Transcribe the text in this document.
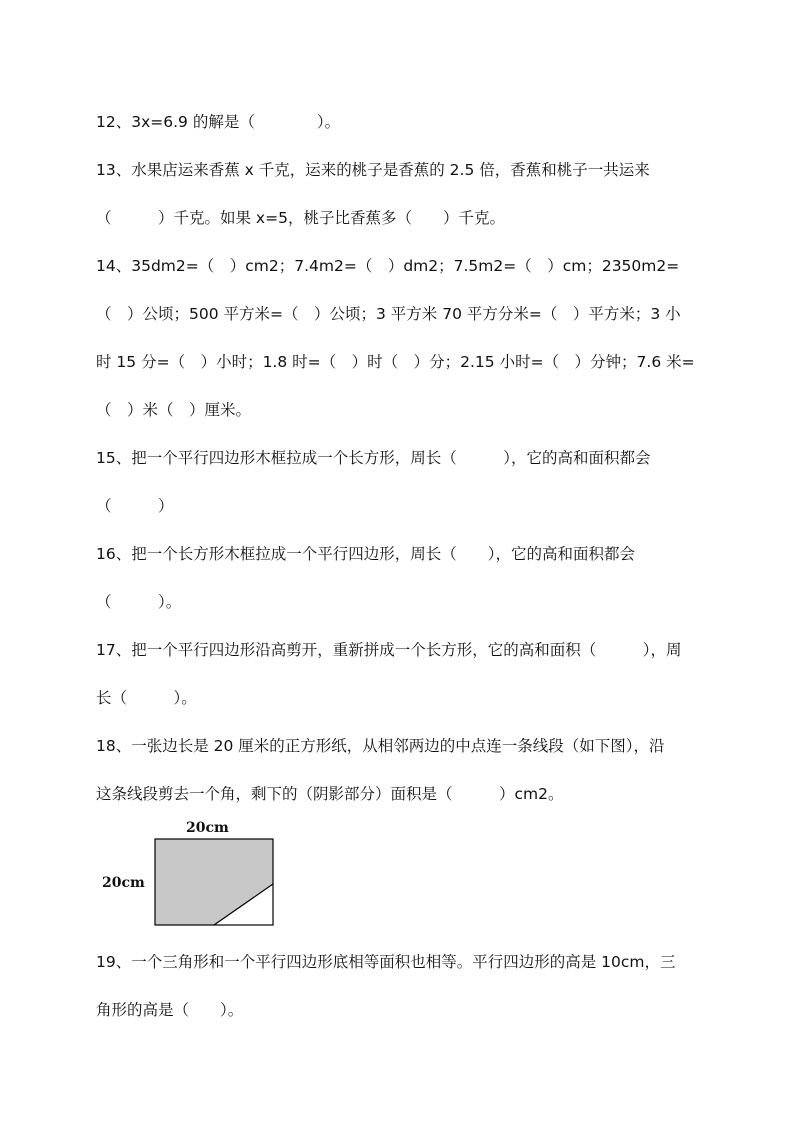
12、3x=6.9 的解是（　　　　）。
13、水果店运来香蕉 x 千克，运来的桃子是香蕉的 2.5 倍，香蕉和桃子一共运来
（　　　）千克。如果 x=5，桃子比香蕉多（　　）千克。
14、35dm2=（　）cm2；7.4m2=（　）dm2；7.5m2=（　）cm；2350m2=
（　）公顷；500 平方米=（　）公顷；3 平方米 70 平方分米=（　）平方米；3 小
时 15 分=（　）小时；1.8 时=（　）时（　）分；2.15 小时=（　）分钟；7.6 米=
（　）米（　）厘米。
15、把一个平行四边形木框拉成一个长方形，周长（　　　），它的高和面积都会
（　　　）
16、把一个长方形木框拉成一个平行四边形，周长（　　），它的高和面积都会
（　　　）。
17、把一个平行四边形沿高剪开，重新拼成一个长方形，它的高和面积（　　　），周
长（　　　）。
18、一张边长是 20 厘米的正方形纸，从相邻两边的中点连一条线段（如下图），沿
这条线段剪去一个角，剩下的（阴影部分）面积是（　　　）cm2。
20cm
20cm
19、一个三角形和一个平行四边形底相等面积也相等。平行四边形的高是 10cm，三
角形的高是（　　）。
